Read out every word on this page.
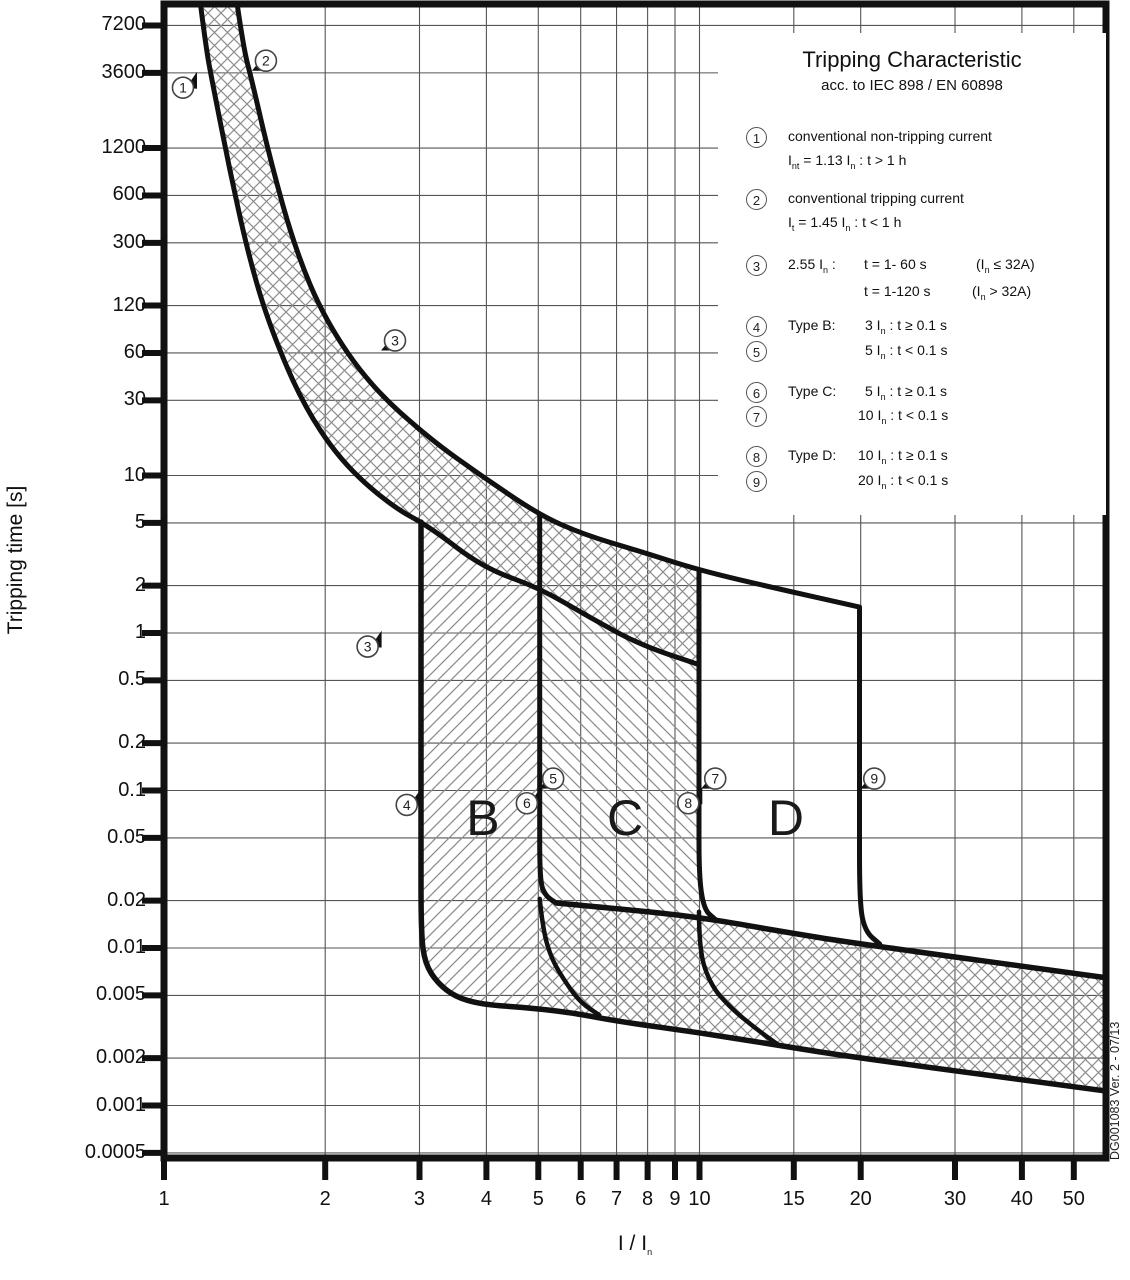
B C D
1
2
3
3
4
5
6
7
8
9
7200
3600
1200
600
300
120
60
30
10
5
2
1
0.5
0.2
0.1
0.05
0.02
0.01
0.005
0.002
0.001
0.0005
1	2	3	4	5	6	7 8 9 10	15	20	30	40	50
Tripping time [s]
I / $I_n$
Tripping Characteristic
acc. to IEC 898 / EN 60898
1	conventional non-tripping current
$I_{nt} = 1.13$ $I_n$ : t > 1 h
2	conventional tripping current
$I_t = 1.45$ $I_n$ : t < 1 h
3	2.55 $I_n$ : t = 1- 60 s	$(I_n \le 32A)$
t = 1-120 s	$(I_n > 32A)$
4	Type B: 3 $I_n$ : t ≥ 0.1 s
5	5 $I_n$ : t < 0.1 s
6	Type C: 5 $I_n$ : t ≥ 0.1 s
7	10 $I_n$ : t < 0.1 s
8	Type D: 10 $I_n$ : t ≥ 0.1 s
9	20 $I_n$ : t < 0.1 s
DG001083 Ver. 2 - 07/13
